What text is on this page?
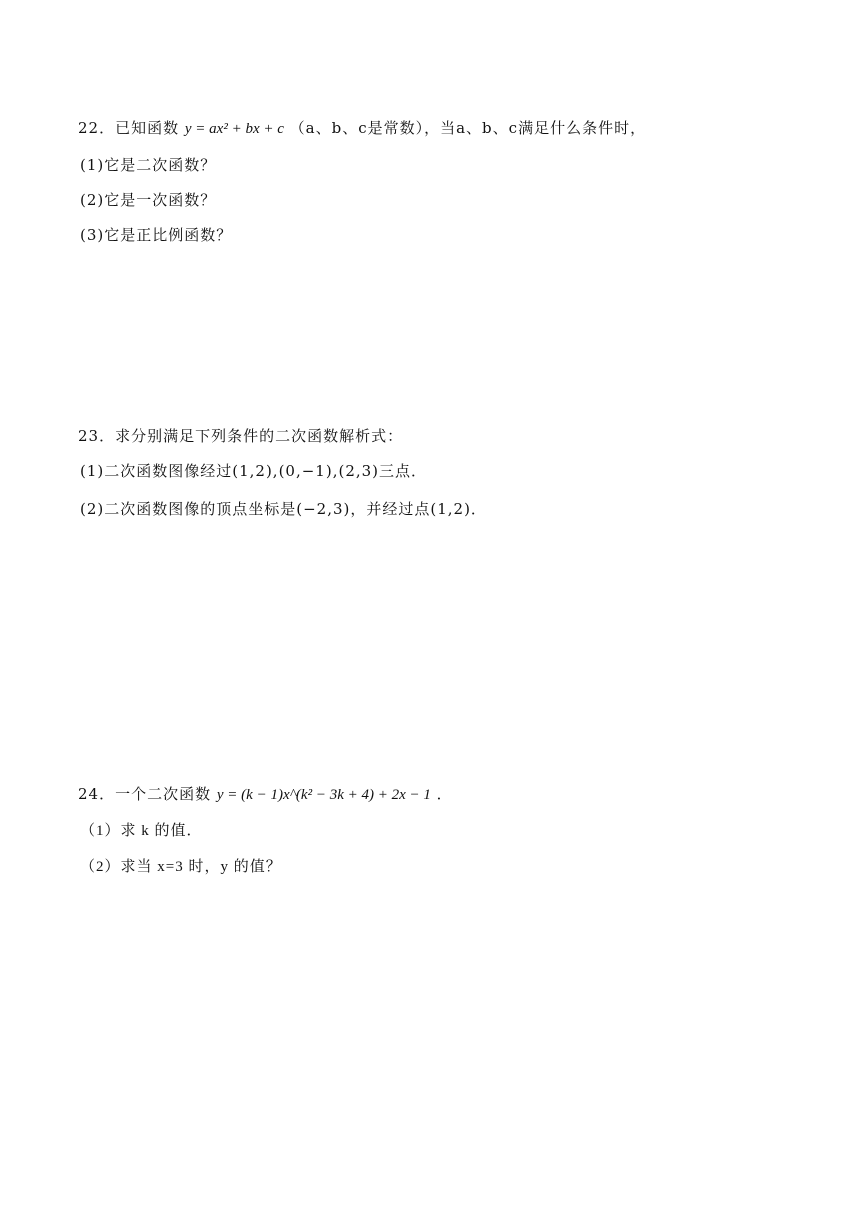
22．已知函数 y = ax² + bx + c （a、b、c是常数），当a、b、c满足什么条件时，
(1)它是二次函数？
(2)它是一次函数？
(3)它是正比例函数？
23．求分别满足下列条件的二次函数解析式：
(1)二次函数图像经过(1,2),(0,−1),(2,3)三点．
(2)二次函数图像的顶点坐标是(−2,3)，并经过点(1,2)．
24．一个二次函数 y = (k − 1)x^(k² − 3k + 4) + 2x − 1 ．
（1）求 k 的值．
（2）求当 x=3 时，y 的值？
